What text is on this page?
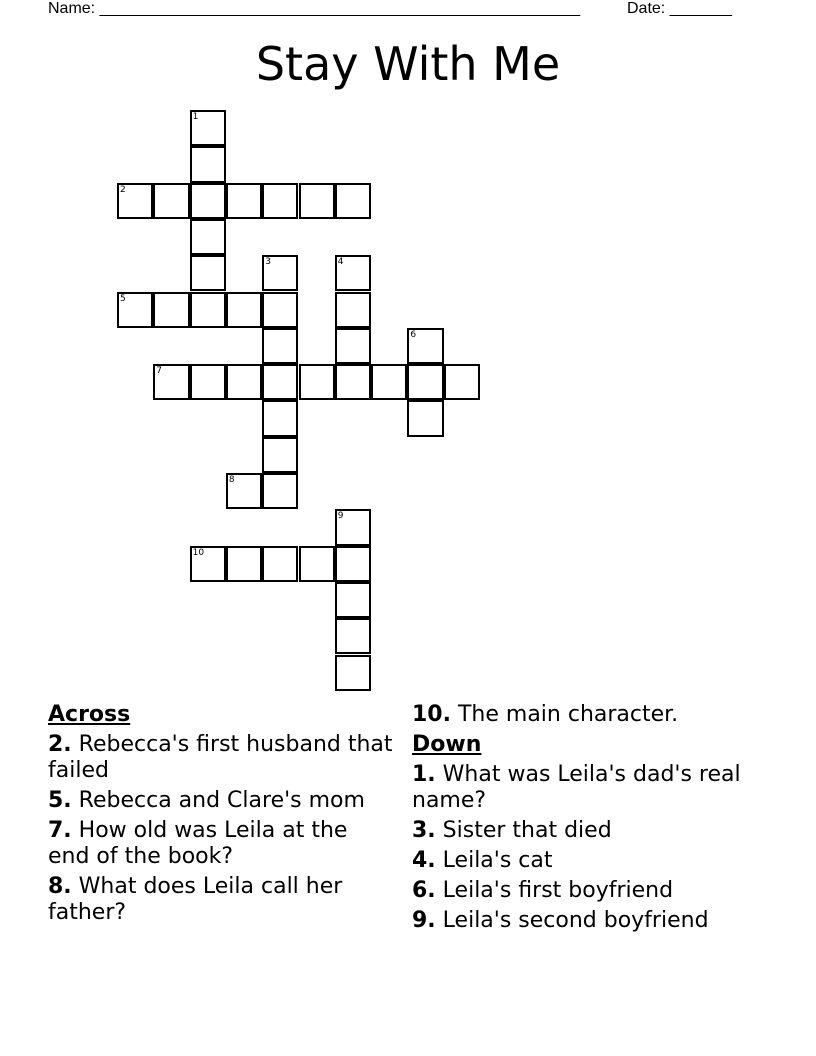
Name: ______________________________________________________	Date: _______
Stay With Me
1
2
3	4
5
6
7
8
9
10
Across
2. Rebecca's first husband that failed
5. Rebecca and Clare's mom
7. How old was Leila at the end of the book?
8. What does Leila call her father?
10. The main character.
Down
1. What was Leila's dad's real name?
3. Sister that died
4. Leila's cat
6. Leila's first boyfriend
9. Leila's second boyfriend
